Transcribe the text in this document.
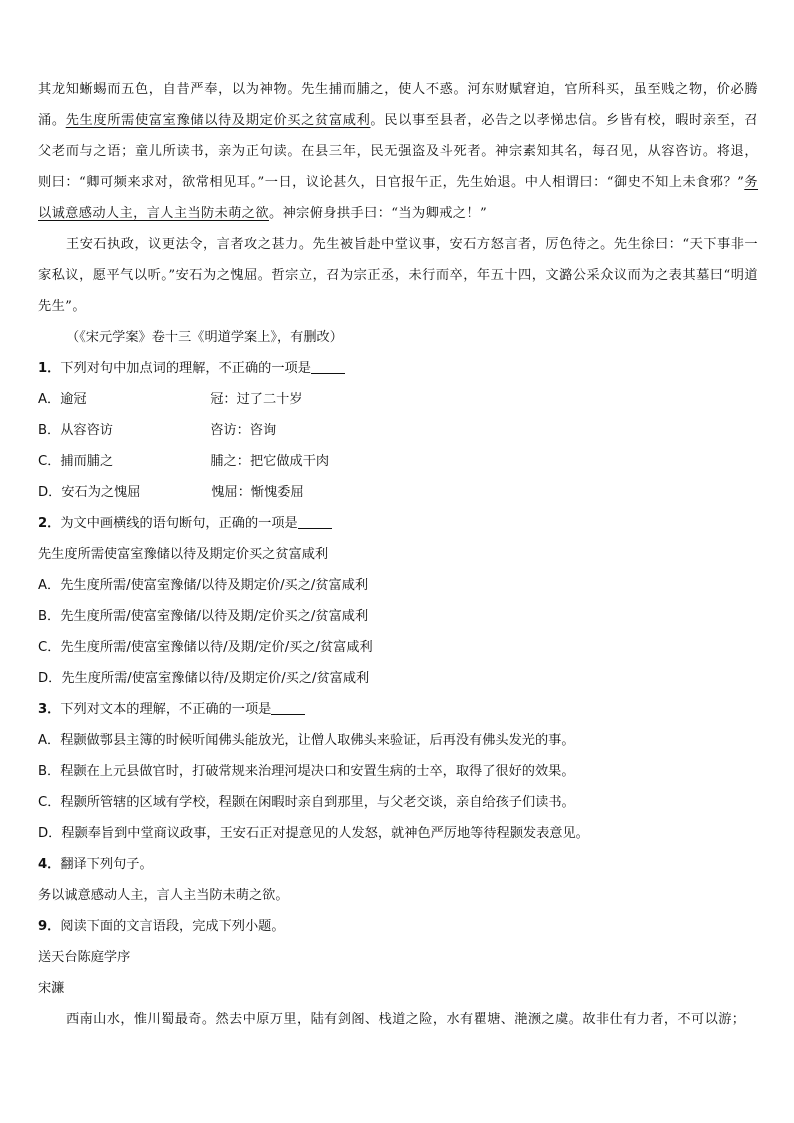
其龙知蜥蜴而五色，自昔严奉，以为神物。先生捕而脯之，使人不惑。河东财赋窘迫，官所科买，虽至贱之物，价必腾涌。先生度所需使富室豫储以待及期定价买之贫富咸利。民以事至县者，必告之以孝悌忠信。乡皆有校，暇时亲至，召父老而与之语；童儿所读书，亲为正句读。在县三年，民无强盗及斗死者。神宗素知其名，每召见，从容咨访。将退，则曰：“卿可频来求对，欲常相见耳。”一日，议论甚久，日官报午正，先生始退。中人相谓曰：“御史不知上未食邪？”务以诚意感动人主，言人主当防未萌之欲。神宗俯身拱手曰：“当为卿戒之！”

王安石执政，议更法令，言者攻之甚力。先生被旨赴中堂议事，安石方怒言者，厉色待之。先生徐曰：“天下事非一家私议，愿平气以听。”安石为之愧屈。哲宗立，召为宗正丞，未行而卒，年五十四，文潞公采众议而为之表其墓曰“明道先生”。

（《宋元学案》卷十三《明道学案上》，有删改）

1．下列对句中加点词的理解，不正确的一项是

A． 逾冠	冠：过了二十岁
B． 从容咨访	咨访：咨询
C． 捕而脯之	脯之：把它做成干肉
D． 安石为之愧屈	愧屈：惭愧委屈

2．为文中画横线的语句断句，正确的一项是

先生度所需使富室豫储以待及期定价买之贫富咸利

A．先生度所需/使富室豫储/以待及期定价/买之/贫富咸利

B．先生度所需/使富室豫储/以待及期/定价买之/贫富咸利

C．先生度所需/使富室豫储以待/及期/定价/买之/贫富咸利

D．先生度所需/使富室豫储以待/及期定价/买之/贫富咸利

3．下列对文本的理解，不正确的一项是

A．程颢做鄠县主簿的时候听闻佛头能放光，让僧人取佛头来验证，后再没有佛头发光的事。

B．程颢在上元县做官时，打破常规来治理河堤决口和安置生病的士卒，取得了很好的效果。

C．程颢所管辖的区域有学校，程颢在闲暇时亲自到那里，与父老交谈，亲自给孩子们读书。

D．程颢奉旨到中堂商议政事，王安石正对提意见的人发怒，就神色严厉地等待程颢发表意见。

4．翻译下列句子。

务以诚意感动人主，言人主当防未萌之欲。

9．阅读下面的文言语段，完成下列小题。

送天台陈庭学序

宋濂

西南山水，惟川蜀最奇。然去中原万里，陆有剑阁、栈道之险，水有瞿塘、滟滪之虞。故非仕有力者，不可以游；
